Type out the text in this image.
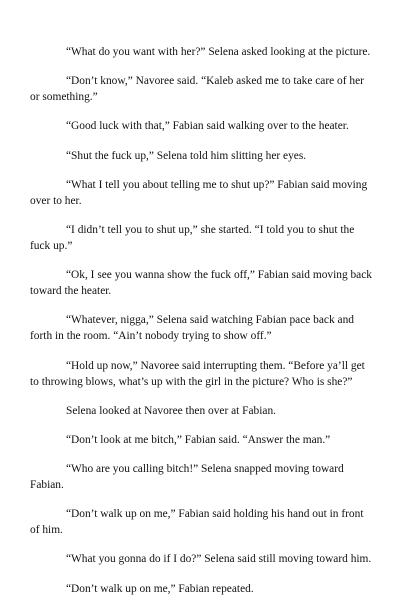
“What do you want with her?” Selena asked looking at the picture.

“Don’t know,” Navoree said. “Kaleb asked me to take care of her or something.”

“Good luck with that,” Fabian said walking over to the heater.

“Shut the fuck up,” Selena told him slitting her eyes.

“What I tell you about telling me to shut up?” Fabian said moving over to her.

“I didn’t tell you to shut up,” she started. “I told you to shut the fuck up.”

“Ok, I see you wanna show the fuck off,” Fabian said moving back toward the heater.

“Whatever, nigga,” Selena said watching Fabian pace back and forth in the room. “Ain’t nobody trying to show off.”

“Hold up now,” Navoree said interrupting them. “Before ya’ll get to throwing blows, what’s up with the girl in the picture? Who is she?”

Selena looked at Navoree then over at Fabian.

“Don’t look at me bitch,” Fabian said. “Answer the man.”

“Who are you calling bitch!” Selena snapped moving toward Fabian.

“Don’t walk up on me,” Fabian said holding his hand out in front of him.

“What you gonna do if I do?” Selena said still moving toward him.

“Don’t walk up on me,” Fabian repeated.
